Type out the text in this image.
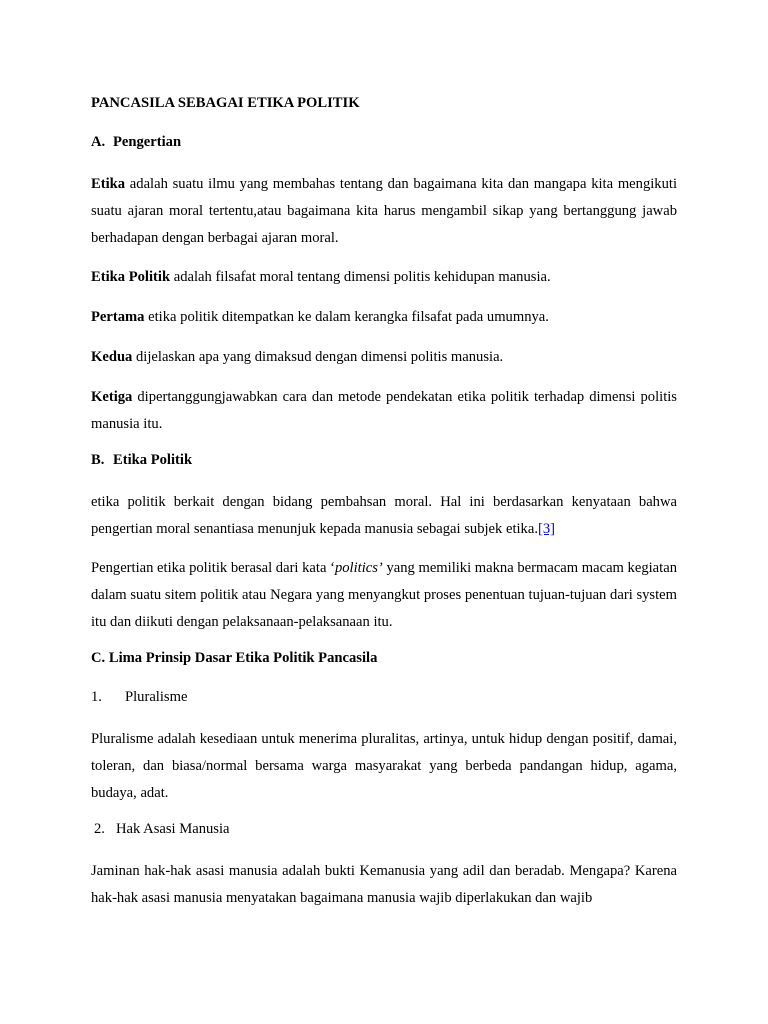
PANCASILA SEBAGAI ETIKA POLITIK

A. Pengertian

Etika adalah suatu ilmu yang membahas tentang dan bagaimana kita dan mangapa kita mengikuti suatu ajaran moral tertentu,atau bagaimana kita harus mengambil sikap yang bertanggung jawab berhadapan dengan berbagai ajaran moral.

Etika Politik adalah filsafat moral tentang dimensi politis kehidupan manusia.

Pertama etika politik ditempatkan ke dalam kerangka filsafat pada umumnya.

Kedua dijelaskan apa yang dimaksud dengan dimensi politis manusia.

Ketiga dipertanggungjawabkan cara dan metode pendekatan etika politik terhadap dimensi politis manusia itu.

B. Etika Politik

etika politik berkait dengan bidang pembahsan moral. Hal ini berdasarkan kenyataan bahwa pengertian moral senantiasa menunjuk kepada manusia sebagai subjek etika.[3]

Pengertian etika politik berasal dari kata ‘politics’ yang memiliki makna bermacam macam kegiatan dalam suatu sitem politik atau Negara yang menyangkut proses penentuan tujuan-tujuan dari system itu dan diikuti dengan pelaksanaan-pelaksanaan itu.

C. Lima Prinsip Dasar Etika Politik Pancasila

1. Pluralisme

Pluralisme adalah kesediaan untuk menerima pluralitas, artinya, untuk hidup dengan positif, damai, toleran, dan biasa/normal bersama warga masyarakat yang berbeda pandangan hidup, agama, budaya, adat.

2. Hak Asasi Manusia

Jaminan hak-hak asasi manusia adalah bukti Kemanusia yang adil dan beradab. Mengapa? Karena hak-hak asasi manusia menyatakan bagaimana manusia wajib diperlakukan dan wajib
